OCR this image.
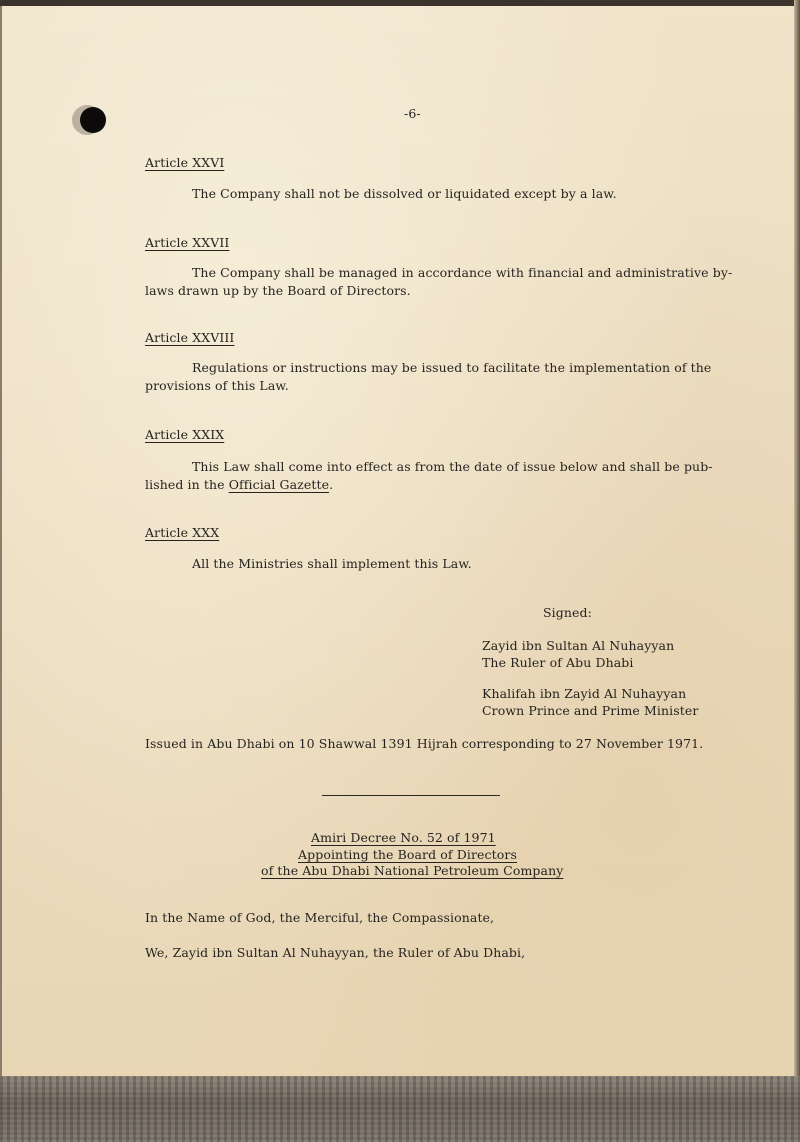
-6-
Article XXVI
The Company shall not be dissolved or liquidated except by a law.
Article XXVII
The Company shall be managed in accordance with financial and administrative by-
laws drawn up by the Board of Directors.
Article XXVIII
Regulations or instructions may be issued to facilitate the implementation of the
provisions of this Law.
Article XXIX
This Law shall come into effect as from the date of issue below and shall be pub-
lished in the Official Gazette.
Article XXX
All the Ministries shall implement this Law.
Signed:
Zayid ibn Sultan Al Nuhayyan
The Ruler of Abu Dhabi
Khalifah ibn Zayid Al Nuhayyan
Crown Prince and Prime Minister
Issued in Abu Dhabi on 10 Shawwal 1391 Hijrah corresponding to 27 November 1971.
Amiri Decree No. 52 of 1971
Appointing the Board of Directors
of the Abu Dhabi National Petroleum Company
In the Name of God, the Merciful, the Compassionate,
We, Zayid ibn Sultan Al Nuhayyan, the Ruler of Abu Dhabi,
